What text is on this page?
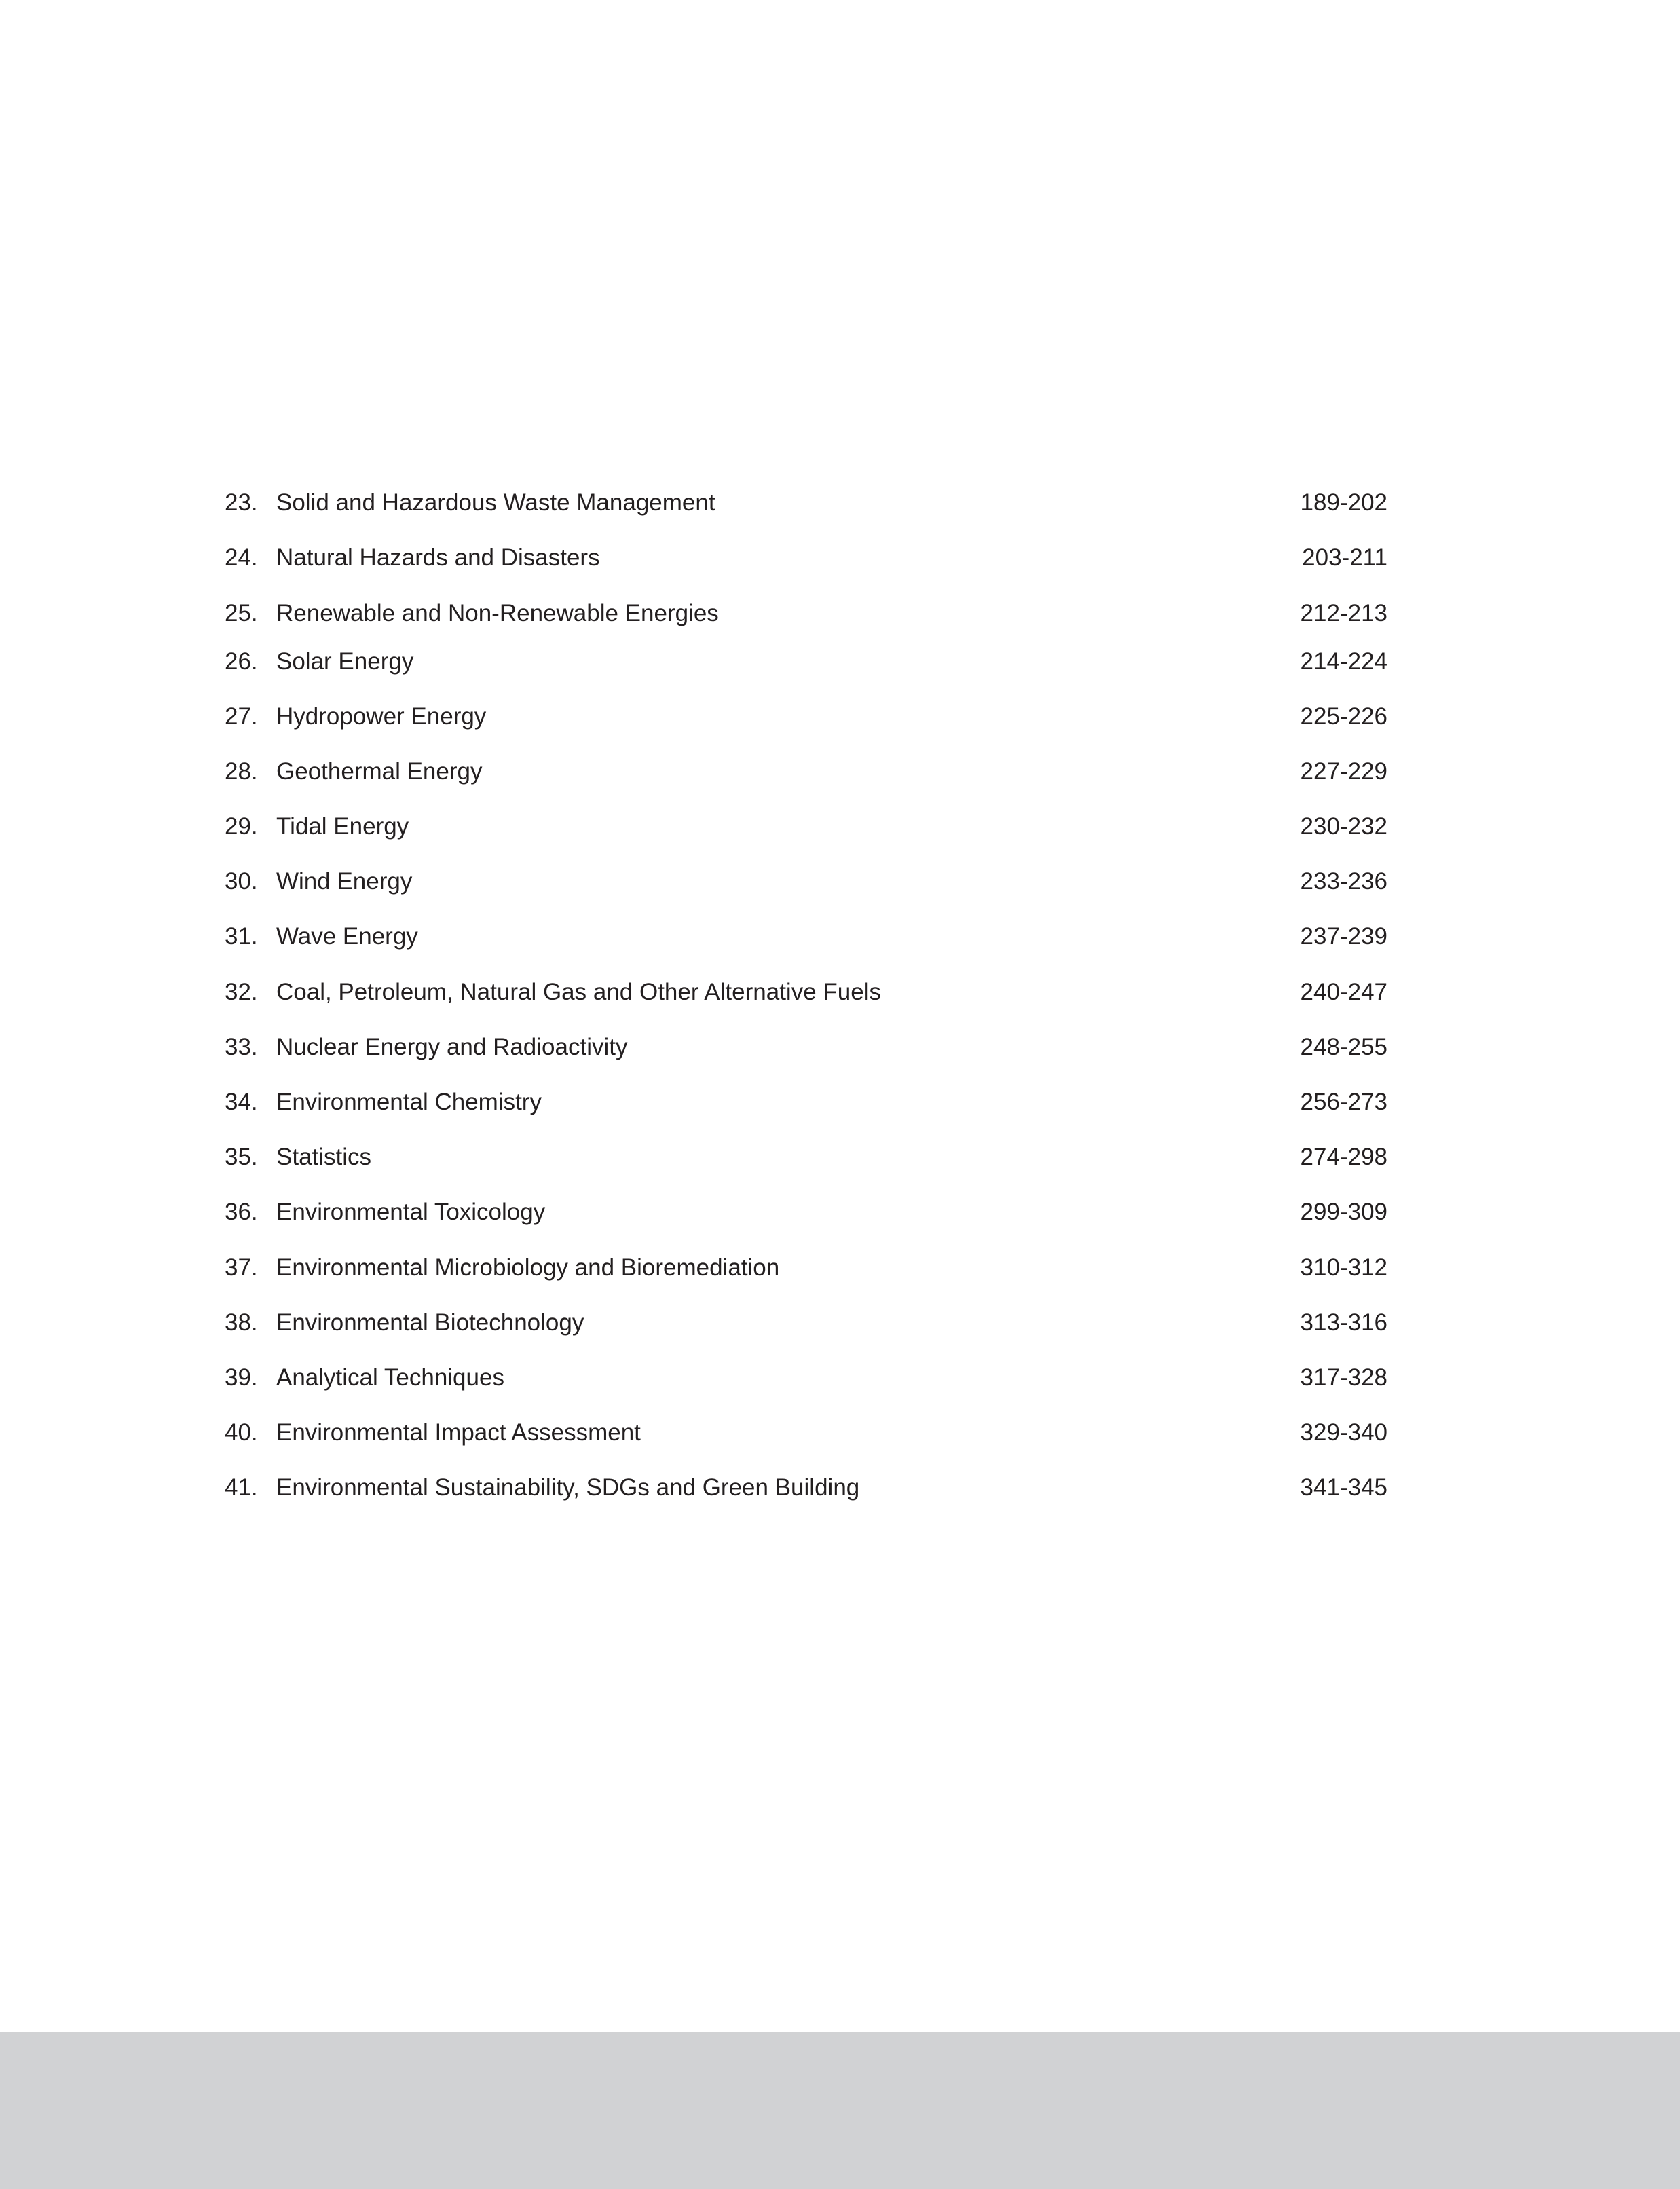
23. Solid and Hazardous Waste Management	189-202
24. Natural Hazards and Disasters	203-211
25. Renewable and Non-Renewable Energies	212-213
26. Solar Energy	214-224
27. Hydropower Energy	225-226
28. Geothermal Energy	227-229
29. Tidal Energy	230-232
30. Wind Energy	233-236
31. Wave Energy	237-239
32. Coal, Petroleum, Natural Gas and Other Alternative Fuels	240-247
33. Nuclear Energy and Radioactivity	248-255
34. Environmental Chemistry	256-273
35. Statistics	274-298
36. Environmental Toxicology	299-309
37. Environmental Microbiology and Bioremediation	310-312
38. Environmental Biotechnology	313-316
39. Analytical Techniques	317-328
40. Environmental Impact Assessment	329-340
41. Environmental Sustainability, SDGs and Green Building	341-345
